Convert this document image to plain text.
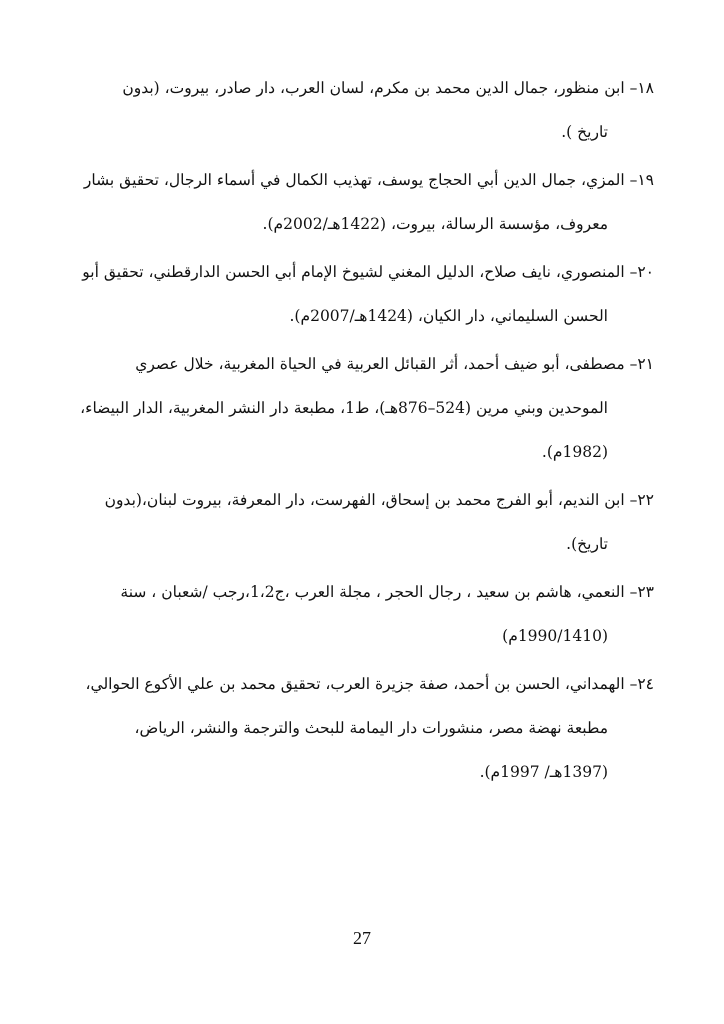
١٨– ابن منظور، جمال الدين محمد بن مكرم، لسان العرب، دار صادر، بيروت، (بدون
تاريخ ).
١٩– المزي، جمال الدين أبي الحجاج يوسف، تهذيب الكمال في أسماء الرجال، تحقيق بشار
معروف، مؤسسة الرسالة، بيروت، (1422هـ/2002م).
٢٠– المنصوري، نايف صلاح، الدليل المغني لشيوخ الإمام أبي الحسن الدارقطني، تحقيق أبو
الحسن السليماني، دار الكيان، (1424هـ/2007م).
٢١– مصطفى، أبو ضيف أحمد، أثر القبائل العربية في الحياة المغربية، خلال عصري
الموحدين وبني مرين (524–876هـ)، ط1، مطبعة دار النشر المغربية، الدار البيضاء،
(1982م).
٢٢– ابن النديم، أبو الفرج محمد بن إسحاق، الفهرست، دار المعرفة، بيروت لبنان،(بدون
تاريخ).
٢٣– النعمي، هاشم بن سعيد ، رجال الحجر ، مجلة العرب ،ج1،2،رجب /شعبان ، سنة
(1990/1410م)
٢٤– الهمداني، الحسن بن أحمد، صفة جزيرة العرب، تحقيق محمد بن علي الأكوع الحوالي،
مطبعة نهضة مصر، منشورات دار اليمامة للبحث والترجمة والنشر، الرياض،
(1397هـ/ 1997م).
27
